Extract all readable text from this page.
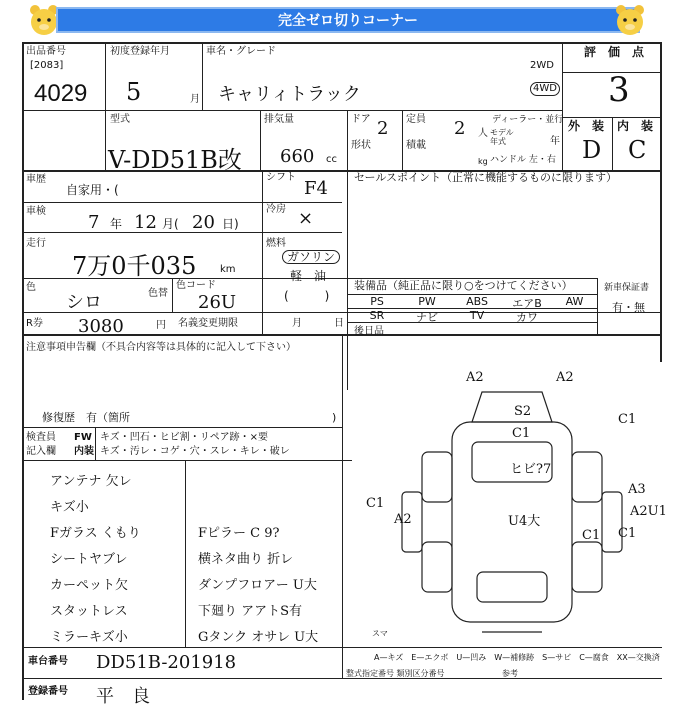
完全ゼロ切りコーナー
出品番号
[2083]
4029
初度登録年月
5	月
車名・グレード
キャリィトラック
2WD
4WD
評　価　点
3
外　装 内　装
D C
型式
V-DD51B改
排気量
660 cc
ドア 2 定員 2 人
ディーラー・並行
モデル年式	年
形状	積載
kg ハンドル 左・右
車歴
自家用・(
シフト
F4
セールスポイント（正常に機能するものに限ります）
車検
7 年 12 月( 20 日)
冷房 ×
走行
7万0千035 km
燃料
ガソリン
軽　油
(　　　)
色
シロ	色替
色コード
26U
装備品（純正品に限り○をつけてください）
PS	PW	ABS	エアB	AW
SR	ナビ	TV	カワ
新車保証書
有・無
R券 3080	円 名義変更期限	月	日
後日品
注意事項申告欄（不具合内容等は具体的に記入して下さい）
修復歴　有（箇所	)
検査員 FW キズ・凹石・ヒビ割・リペア跡・×要
記入欄 内装 キズ・汚レ・コゲ・穴・スレ・キレ・破レ
アンテナ 欠レ
キズ小
Fガラス くもり
シートヤブレ
カーペット欠
スタットレス
ミラーキズ小
Fピラー C 9?
横ネタ曲り 折レ
ダンプフロアー U大
下廻り アアトS有
Gタンク オサレ U大
A2	A2
S2
C1
C1
C1
ヒビ?7
A3
U4大
A2
A2U1
C1
C1
スマ
A—キズ　E—エクボ　U—凹み　W—補修跡　S—サビ　C—腐食　XX—交換済
車台番号 DD51B-201918
登録番号 平　良
整式指定番号 類別区分番号	参考
